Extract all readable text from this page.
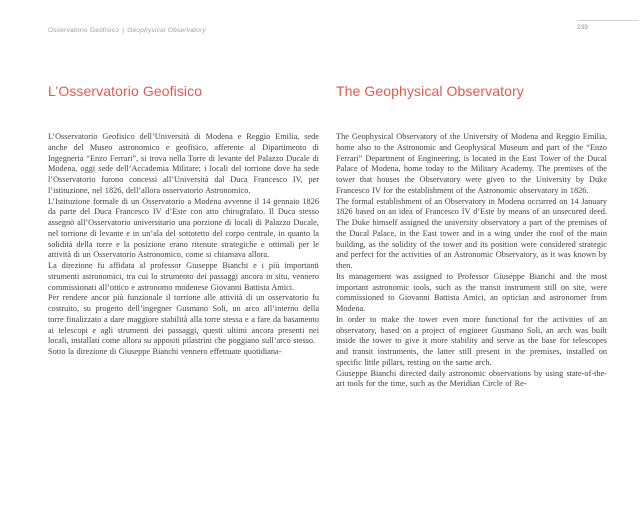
Osservatorio Geofisico | Geophysical Observatory	239
L’Osservatorio Geofisico	The Geophysical Observatory

L’Osservatorio Geofisico dell’Università di Modena e Reggio Emilia, sede anche del Museo astronomico e geofisico, afferente al Dipartimento di Ingegneria “Enzo Ferrari”, si trova nella Torre di levante del Palazzo Ducale di Modena, oggi sede dell’Accademia Militare; i locali del torrione dove ha sede l’Osservatorio furono concessi all’Università dal Duca Francesco IV, per l’istituzione, nel 1826, dell’allora osservatorio Astronomico.

L’Istituzione formale di un Osservatorio a Modena avvenne il 14 gennaio 1826 da parte del Duca Francesco IV d’Este con atto chirografato. Il Duca stesso assegnò all’Osservatorio universitario una porzione di locali di Palazzo Ducale, nel torrione di levante e in un’ala del sottotetto del corpo centrale, in quanto la solidità della torre e la posizione erano ritenute strategiche e ottimali per le attività di un Osservatorio Astronomico, come si chiamava allora.

La direzione fu affidata al professor Giuseppe Bianchi e i più importanti strumenti astronomici, tra cui lo strumento dei passaggi ancora in situ, vennero commissionati all’ottico e astronomo modenese Giovanni Battista Amici.

Per rendere ancor più funzionale il torrione alle attività di un osservatorio fu costruito, su progetto dell’ingegner Gusmano Soli, un arco all’interno della torre finalizzato a dare maggiore stabilità alla torre stessa e a fare da basamento ai telescopi e agli strumenti dei passaggi, questi ultimi ancora presenti nei locali, installati come allora su appositi pilastrini che poggiano sull’arco stesso.

Sotto la direzione di Giuseppe Bianchi vennero effettuate quotidiana-

The Geophysical Observatory of the University of Modena and Reggio Emilia, home also to the Astronomic and Geophysical Museum and part of the “Enzo Ferrari” Department of Engineering, is located in the East Tower of the Ducal Palace of Modena, home today to the Military Academy. The premises of the tower that houses the Observatory were given to the University by Duke Francesco IV for the establishment of the Astronomic observatory in 1826.

The formal establishment of an Observatory in Modena occurred on 14 January 1826 based on an idea of Francesco IV d’Este by means of an unsecured deed. The Duke himself assigned the university observatory a part of the premises of the Ducal Palace, in the East tower and in a wing under the roof of the main building, as the solidity of the tower and its position were considered strategic and perfect for the activities of an Astronomic Observatory, as it was known by then.

Its management was assigned to Professor Giuseppe Bianchi and the most important astronomic tools, such as the transit instrument still on site, were commissioned to Giovanni Battista Amici, an optician and astronomer from Modena.

In order to make the tower even more functional for the activities of an observatory, based on a project of engineer Gusmano Soli, an arch was built inside the tower to give it more stability and serve as the base for telescopes and transit instruments, the latter still present in the premises, installed on specific little pillars, resting on the same arch.

Giuseppe Bianchi directed daily astronomic observations by using state-of-the-art tools for the time, such as the Meridian Circle of Re-
